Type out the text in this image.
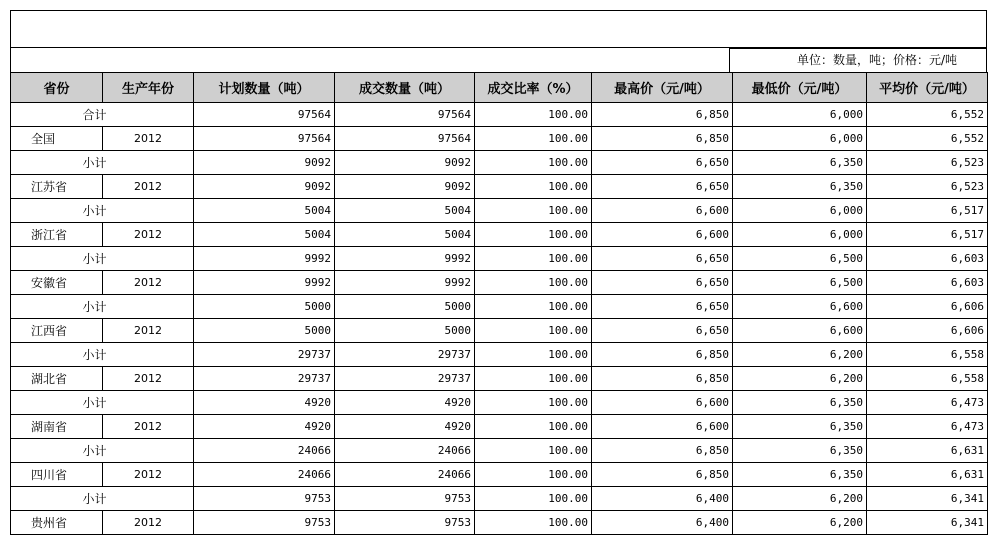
单位：数量，吨；价格：元/吨
省份	生产年份	计划数量（吨）	成交数量（吨）	成交比率（%）	最高价（元/吨）	最低价（元/吨）	平均价（元/吨）
	合计	97564	97564	100.00	6,850	6,000	6,552
全国	2012	97564	97564	100.00	6,850	6,000	6,552
	小计	9092	9092	100.00	6,650	6,350	6,523
江苏省	2012	9092	9092	100.00	6,650	6,350	6,523
	小计	5004	5004	100.00	6,600	6,000	6,517
浙江省	2012	5004	5004	100.00	6,600	6,000	6,517
	小计	9992	9992	100.00	6,650	6,500	6,603
安徽省	2012	9992	9992	100.00	6,650	6,500	6,603
	小计	5000	5000	100.00	6,650	6,600	6,606
江西省	2012	5000	5000	100.00	6,650	6,600	6,606
	小计	29737	29737	100.00	6,850	6,200	6,558
湖北省	2012	29737	29737	100.00	6,850	6,200	6,558
	小计	4920	4920	100.00	6,600	6,350	6,473
湖南省	2012	4920	4920	100.00	6,600	6,350	6,473
	小计	24066	24066	100.00	6,850	6,350	6,631
四川省	2012	24066	24066	100.00	6,850	6,350	6,631
	小计	9753	9753	100.00	6,400	6,200	6,341
贵州省	2012	9753	9753	100.00	6,400	6,200	6,341
